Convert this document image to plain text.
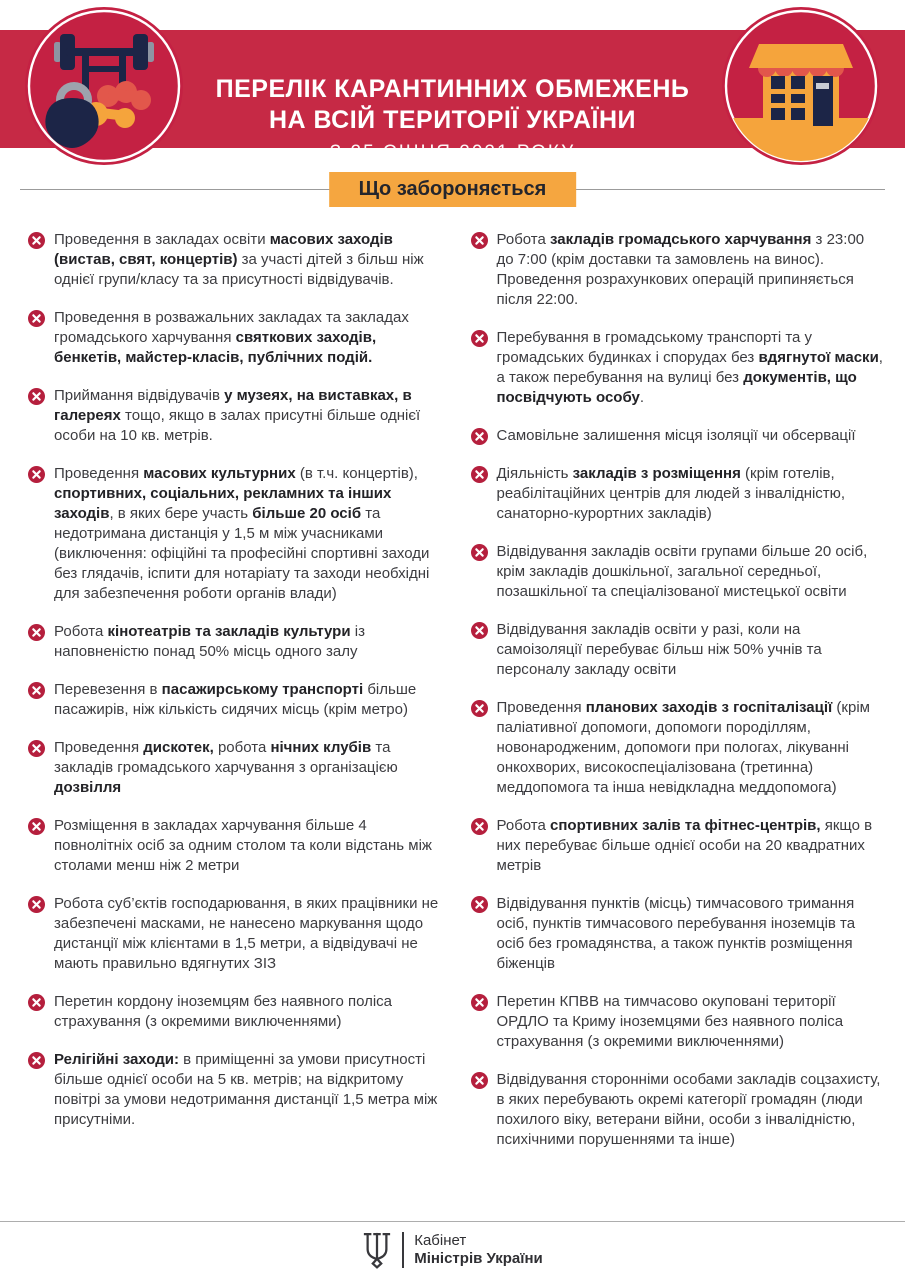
ПЕРЕЛІК КАРАНТИННИХ ОБМЕЖЕНЬ
НА ВСІЙ ТЕРИТОРІЇ УКРАЇНИ
З 25 СІЧНЯ 2021 РОКУ
Що забороняється

Проведення в закладах освіти масових заходів (вистав, свят, концертів) за участі дітей з більш ніж однієї групи/класу та за присутності відвідувачів.

Проведення в розважальних закладах та закладах громадського харчування святкових заходів, бенкетів, майстер-класів, публічних подій.

Приймання відвідувачів у музеях, на виставках, в галереях тощо, якщо в залах присутні більше однієї особи на 10 кв. метрів.

Проведення масових культурних (в т.ч. концертів), спортивних, соціальних, рекламних та інших заходів, в яких бере участь більше 20 осіб та недотримана дистанція у 1,5 м між учасниками (виключення: офіційні та професійні спортивні заходи без глядачів, іспити для нотаріату та заходи необхідні для забезпечення роботи органів влади)

Робота кінотеатрів та закладів культури із наповненістю понад 50% місць одного залу

Перевезення в пасажирському транспорті більше пасажирів, ніж кількість сидячих місць (крім метро)

Проведення дискотек, робота нічних клубів та закладів громадського харчування з організацією дозвілля

Розміщення в закладах харчування більше 4 повнолітніх осіб за одним столом та коли відстань між столами менш ніж 2 метри

Робота суб’єктів господарювання, в яких працівники не забезпечені масками, не нанесено маркування щодо дистанції між клієнтами в 1,5 метри, а відвідувачі не мають правильно вдягнутих ЗІЗ

Перетин кордону іноземцям без наявного поліса страхування (з окремими виключеннями)

Релігійні заходи: в приміщенні за умови присутності більше однієї особи на 5 кв. метрів; на відкритому повітрі за умови недотримання дистанції 1,5 метра між присутніми.

Робота закладів громадського харчування з 23:00 до 7:00 (крім доставки та замовлень на винос). Проведення розрахункових операцій припиняється після 22:00.

Перебування в громадському транспорті та у громадських будинках і спорудах без вдягнутої маски, а також перебування на вулиці без документів, що посвідчують особу.

Самовільне залишення місця ізоляції чи обсервації

Діяльність закладів з розміщення (крім готелів, реабілітаційних центрів для людей з інвалідністю, санаторно-курортних закладів)

Відвідування закладів освіти групами більше 20 осіб, крім закладів дошкільної, загальної середньої, позашкільної та спеціалізованої мистецької освіти

Відвідування закладів освіти у разі, коли на самоізоляції перебуває більш ніж 50% учнів та персоналу закладу освіти

Проведення планових заходів з госпіталізації (крім паліативної допомоги, допомоги породіллям, новонародженим, допомоги при пологах, лікуванні онкохворих, високоспеціалізована (третинна) меддопомога та інша невідкладна меддопомога)

Робота спортивних залів та фітнес-центрів, якщо в них перебуває більше однієї особи на 20 квадратних метрів

Відвідування пунктів (місць) тимчасового тримання осіб, пунктів тимчасового перебування іноземців та осіб без громадянства, а також пунктів розміщення біженців

Перетин КПВВ на тимчасово окуповані території ОРДЛО та Криму іноземцями без наявного поліса страхування (з окремими виключеннями)

Відвідування сторонніми особами закладів соцзахисту, в яких перебувають окремі категорії громадян (люди похилого віку, ветерани війни, особи з інвалідністю, психічними порушеннями та інше)

Кабінет
Міністрів України
